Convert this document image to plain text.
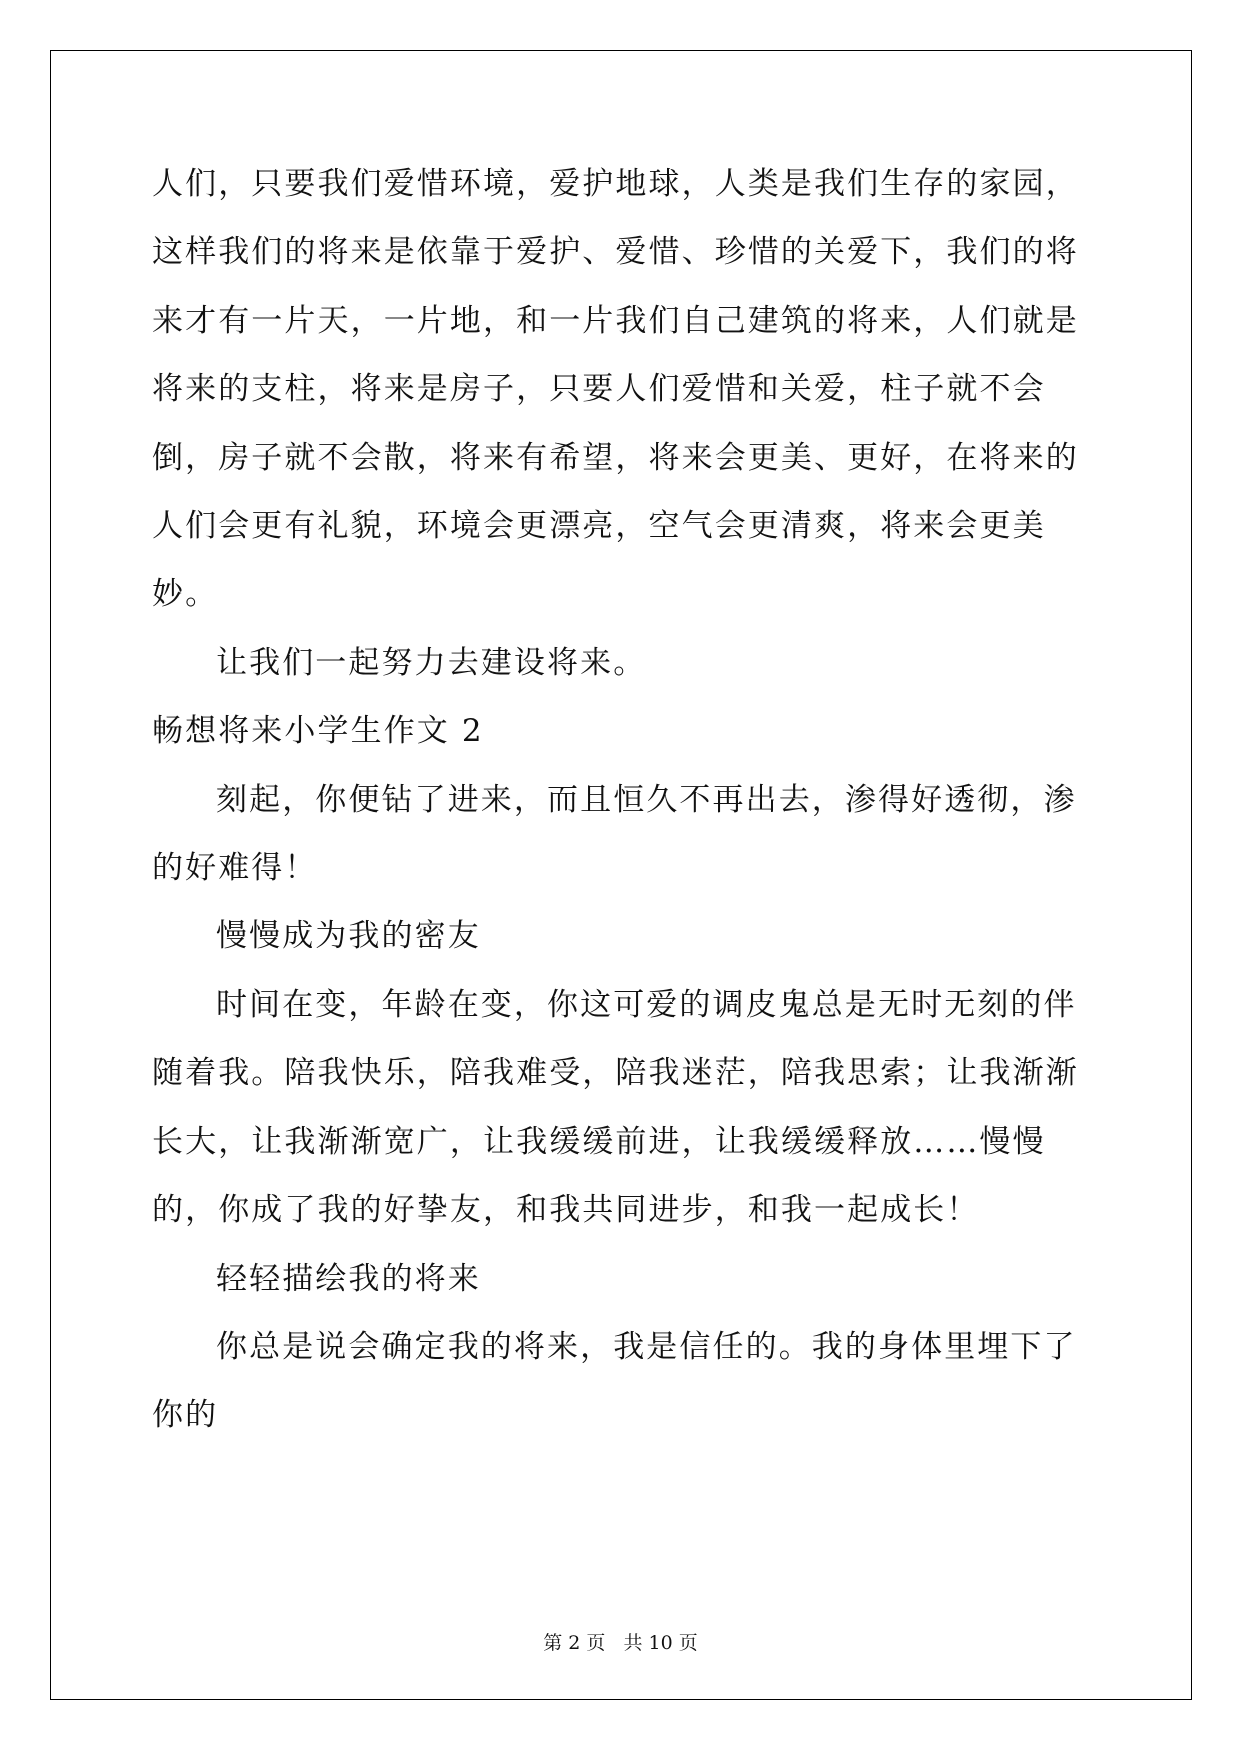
人们，只要我们爱惜环境，爱护地球，人类是我们生存的家园，这样我们的将来是依靠于爱护、爱惜、珍惜的关爱下，我们的将来才有一片天，一片地，和一片我们自己建筑的将来，人们就是将来的支柱，将来是房子，只要人们爱惜和关爱，柱子就不会倒，房子就不会散，将来有希望，将来会更美、更好，在将来的人们会更有礼貌，环境会更漂亮，空气会更清爽，将来会更美妙。

让我们一起努力去建设将来。

畅想将来小学生作文 2

刻起，你便钻了进来，而且恒久不再出去，渗得好透彻，渗的好难得！

慢慢成为我的密友

时间在变，年龄在变，你这可爱的调皮鬼总是无时无刻的伴随着我。陪我快乐，陪我难受，陪我迷茫，陪我思索；让我渐渐长大，让我渐渐宽广，让我缓缓前进，让我缓缓释放……慢慢的，你成了我的好挚友，和我共同进步，和我一起成长！

轻轻描绘我的将来

你总是说会确定我的将来，我是信任的。我的身体里埋下了你的

第 2 页 共 10 页
